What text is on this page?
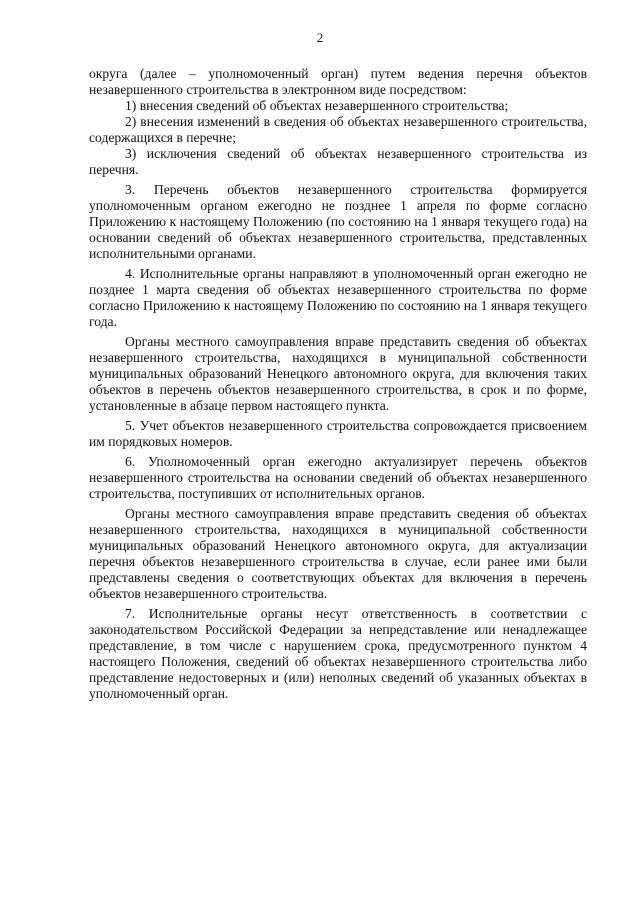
2

округа (далее – уполномоченный орган) путем ведения перечня объектов незавершенного строительства в электронном виде посредством:

1) внесения сведений об объектах незавершенного строительства;

2) внесения изменений в сведения об объектах незавершенного строительства, содержащихся в перечне;

3) исключения сведений об объектах незавершенного строительства из перечня.

3. Перечень объектов незавершенного строительства формируется уполномоченным органом ежегодно не позднее 1 апреля по форме согласно Приложению к настоящему Положению (по состоянию на 1 января текущего года) на основании сведений об объектах незавершенного строительства, представленных исполнительными органами.

4. Исполнительные органы направляют в уполномоченный орган ежегодно не позднее 1 марта сведения об объектах незавершенного строительства по форме согласно Приложению к настоящему Положению по состоянию на 1 января текущего года.

Органы местного самоуправления вправе представить сведения об объектах незавершенного строительства, находящихся в муниципальной собственности муниципальных образований Ненецкого автономного округа, для включения таких объектов в перечень объектов незавершенного строительства, в срок и по форме, установленные в абзаце первом настоящего пункта.

5. Учет объектов незавершенного строительства сопровождается присвоением им порядковых номеров.

6. Уполномоченный орган ежегодно актуализирует перечень объектов незавершенного строительства на основании сведений об объектах незавершенного строительства, поступивших от исполнительных органов.

Органы местного самоуправления вправе представить сведения об объектах незавершенного строительства, находящихся в муниципальной собственности муниципальных образований Ненецкого автономного округа, для актуализации перечня объектов незавершенного строительства в случае, если ранее ими были представлены сведения о соответствующих объектах для включения в перечень объектов незавершенного строительства.

7. Исполнительные органы несут ответственность в соответствии с законодательством Российской Федерации за непредставление или ненадлежащее представление, в том числе с нарушением срока, предусмотренного пунктом 4 настоящего Положения, сведений об объектах незавершенного строительства либо представление недостоверных и (или) неполных сведений об указанных объектах в уполномоченный орган.
